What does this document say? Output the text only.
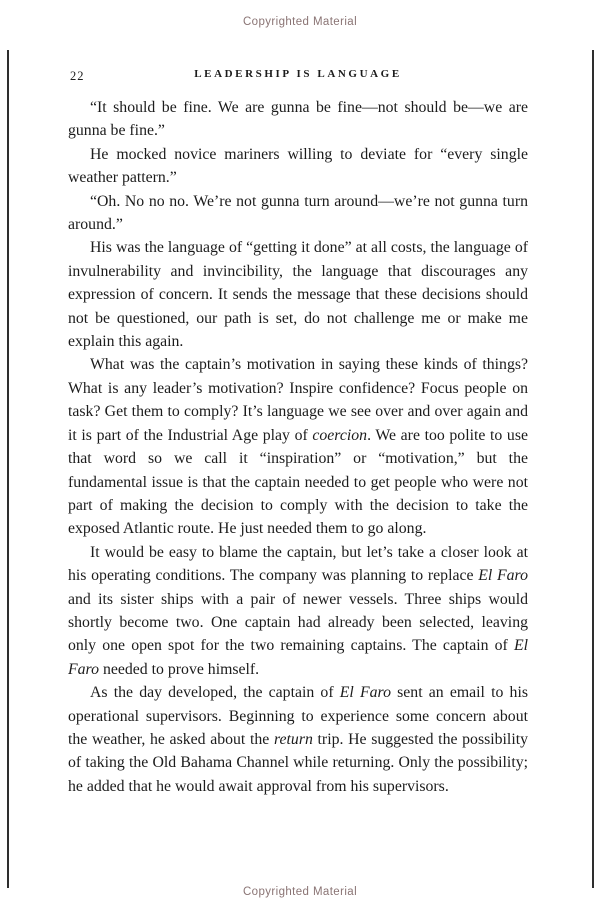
Copyrighted Material
22	LEADERSHIP IS LANGUAGE

“It should be fine. We are gunna be fine—not should be—we are gunna be fine.”

He mocked novice mariners willing to deviate for “every single weather pattern.”

“Oh. No no no. We’re not gunna turn around—we’re not gunna turn around.”

His was the language of “getting it done” at all costs, the language of invulnerability and invincibility, the language that discourages any expression of concern. It sends the message that these decisions should not be questioned, our path is set, do not challenge me or make me explain this again.

What was the captain’s motivation in saying these kinds of things? What is any leader’s motivation? Inspire confidence? Focus people on task? Get them to comply? It’s language we see over and over again and it is part of the Industrial Age play of coercion. We are too polite to use that word so we call it “inspiration” or “motivation,” but the fundamental issue is that the captain needed to get people who were not part of making the decision to comply with the decision to take the exposed Atlantic route. He just needed them to go along.

It would be easy to blame the captain, but let’s take a closer look at his operating conditions. The company was planning to replace El Faro and its sister ships with a pair of newer vessels. Three ships would shortly become two. One captain had already been selected, leaving only one open spot for the two remaining captains. The captain of El Faro needed to prove himself.

As the day developed, the captain of El Faro sent an email to his operational supervisors. Beginning to experience some concern about the weather, he asked about the return trip. He suggested the possibility of taking the Old Bahama Channel while returning. Only the possibility; he added that he would await approval from his supervisors.

Copyrighted Material
